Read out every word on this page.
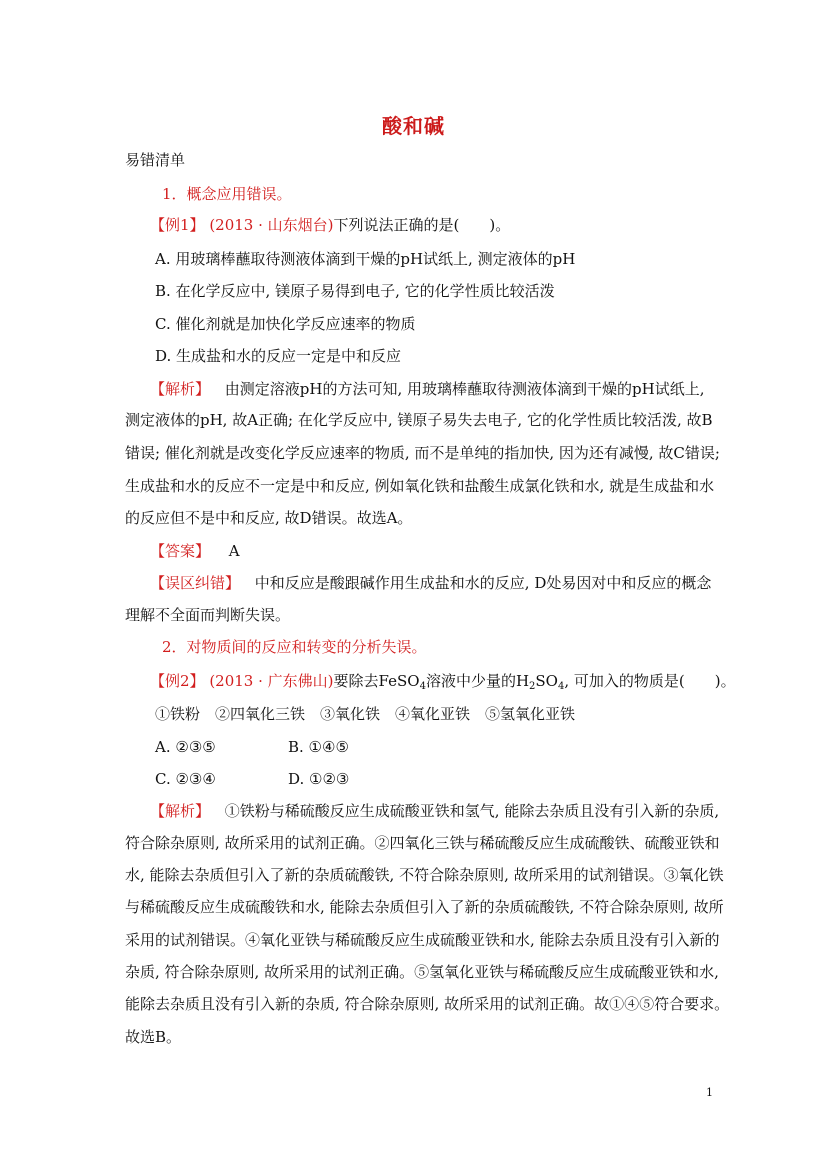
酸和碱
易错清单
1．概念应用错误。
【例1】 (2013 · 山东烟台)下列说法正确的是(　　)。
A. 用玻璃棒蘸取待测液体滴到干燥的pH试纸上, 测定液体的pH
B. 在化学反应中, 镁原子易得到电子, 它的化学性质比较活泼
C. 催化剂就是加快化学反应速率的物质
D. 生成盐和水的反应一定是中和反应
【解析】 由测定溶液pH的方法可知, 用玻璃棒蘸取待测液体滴到干燥的pH试纸上,
测定液体的pH, 故A正确; 在化学反应中, 镁原子易失去电子, 它的化学性质比较活泼, 故B
错误; 催化剂就是改变化学反应速率的物质, 而不是单纯的指加快, 因为还有减慢, 故C错误;
生成盐和水的反应不一定是中和反应, 例如氧化铁和盐酸生成氯化铁和水, 就是生成盐和水
的反应但不是中和反应, 故D错误。故选A。
【答案】 A
【误区纠错】 中和反应是酸跟碱作用生成盐和水的反应, D处易因对中和反应的概念
理解不全面而判断失误。
2．对物质间的反应和转变的分析失误。
【例2】 (2013 · 广东佛山)要除去FeSO$_4$溶液中少量的$H_2SO_4$, 可加入的物质是(　　)。
①铁粉　②四氧化三铁　③氧化铁　④氧化亚铁　⑤氢氧化亚铁
A. ②③⑤	B. ①④⑤
C. ②③④	D. ①②③
【解析】 ①铁粉与稀硫酸反应生成硫酸亚铁和氢气, 能除去杂质且没有引入新的杂质,
符合除杂原则, 故所采用的试剂正确。②四氧化三铁与稀硫酸反应生成硫酸铁、硫酸亚铁和
水, 能除去杂质但引入了新的杂质硫酸铁, 不符合除杂原则, 故所采用的试剂错误。③氧化铁
与稀硫酸反应生成硫酸铁和水, 能除去杂质但引入了新的杂质硫酸铁, 不符合除杂原则, 故所
采用的试剂错误。④氧化亚铁与稀硫酸反应生成硫酸亚铁和水, 能除去杂质且没有引入新的
杂质, 符合除杂原则, 故所采用的试剂正确。⑤氢氧化亚铁与稀硫酸反应生成硫酸亚铁和水,
能除去杂质且没有引入新的杂质, 符合除杂原则, 故所采用的试剂正确。故①④⑤符合要求。
故选B。
1
